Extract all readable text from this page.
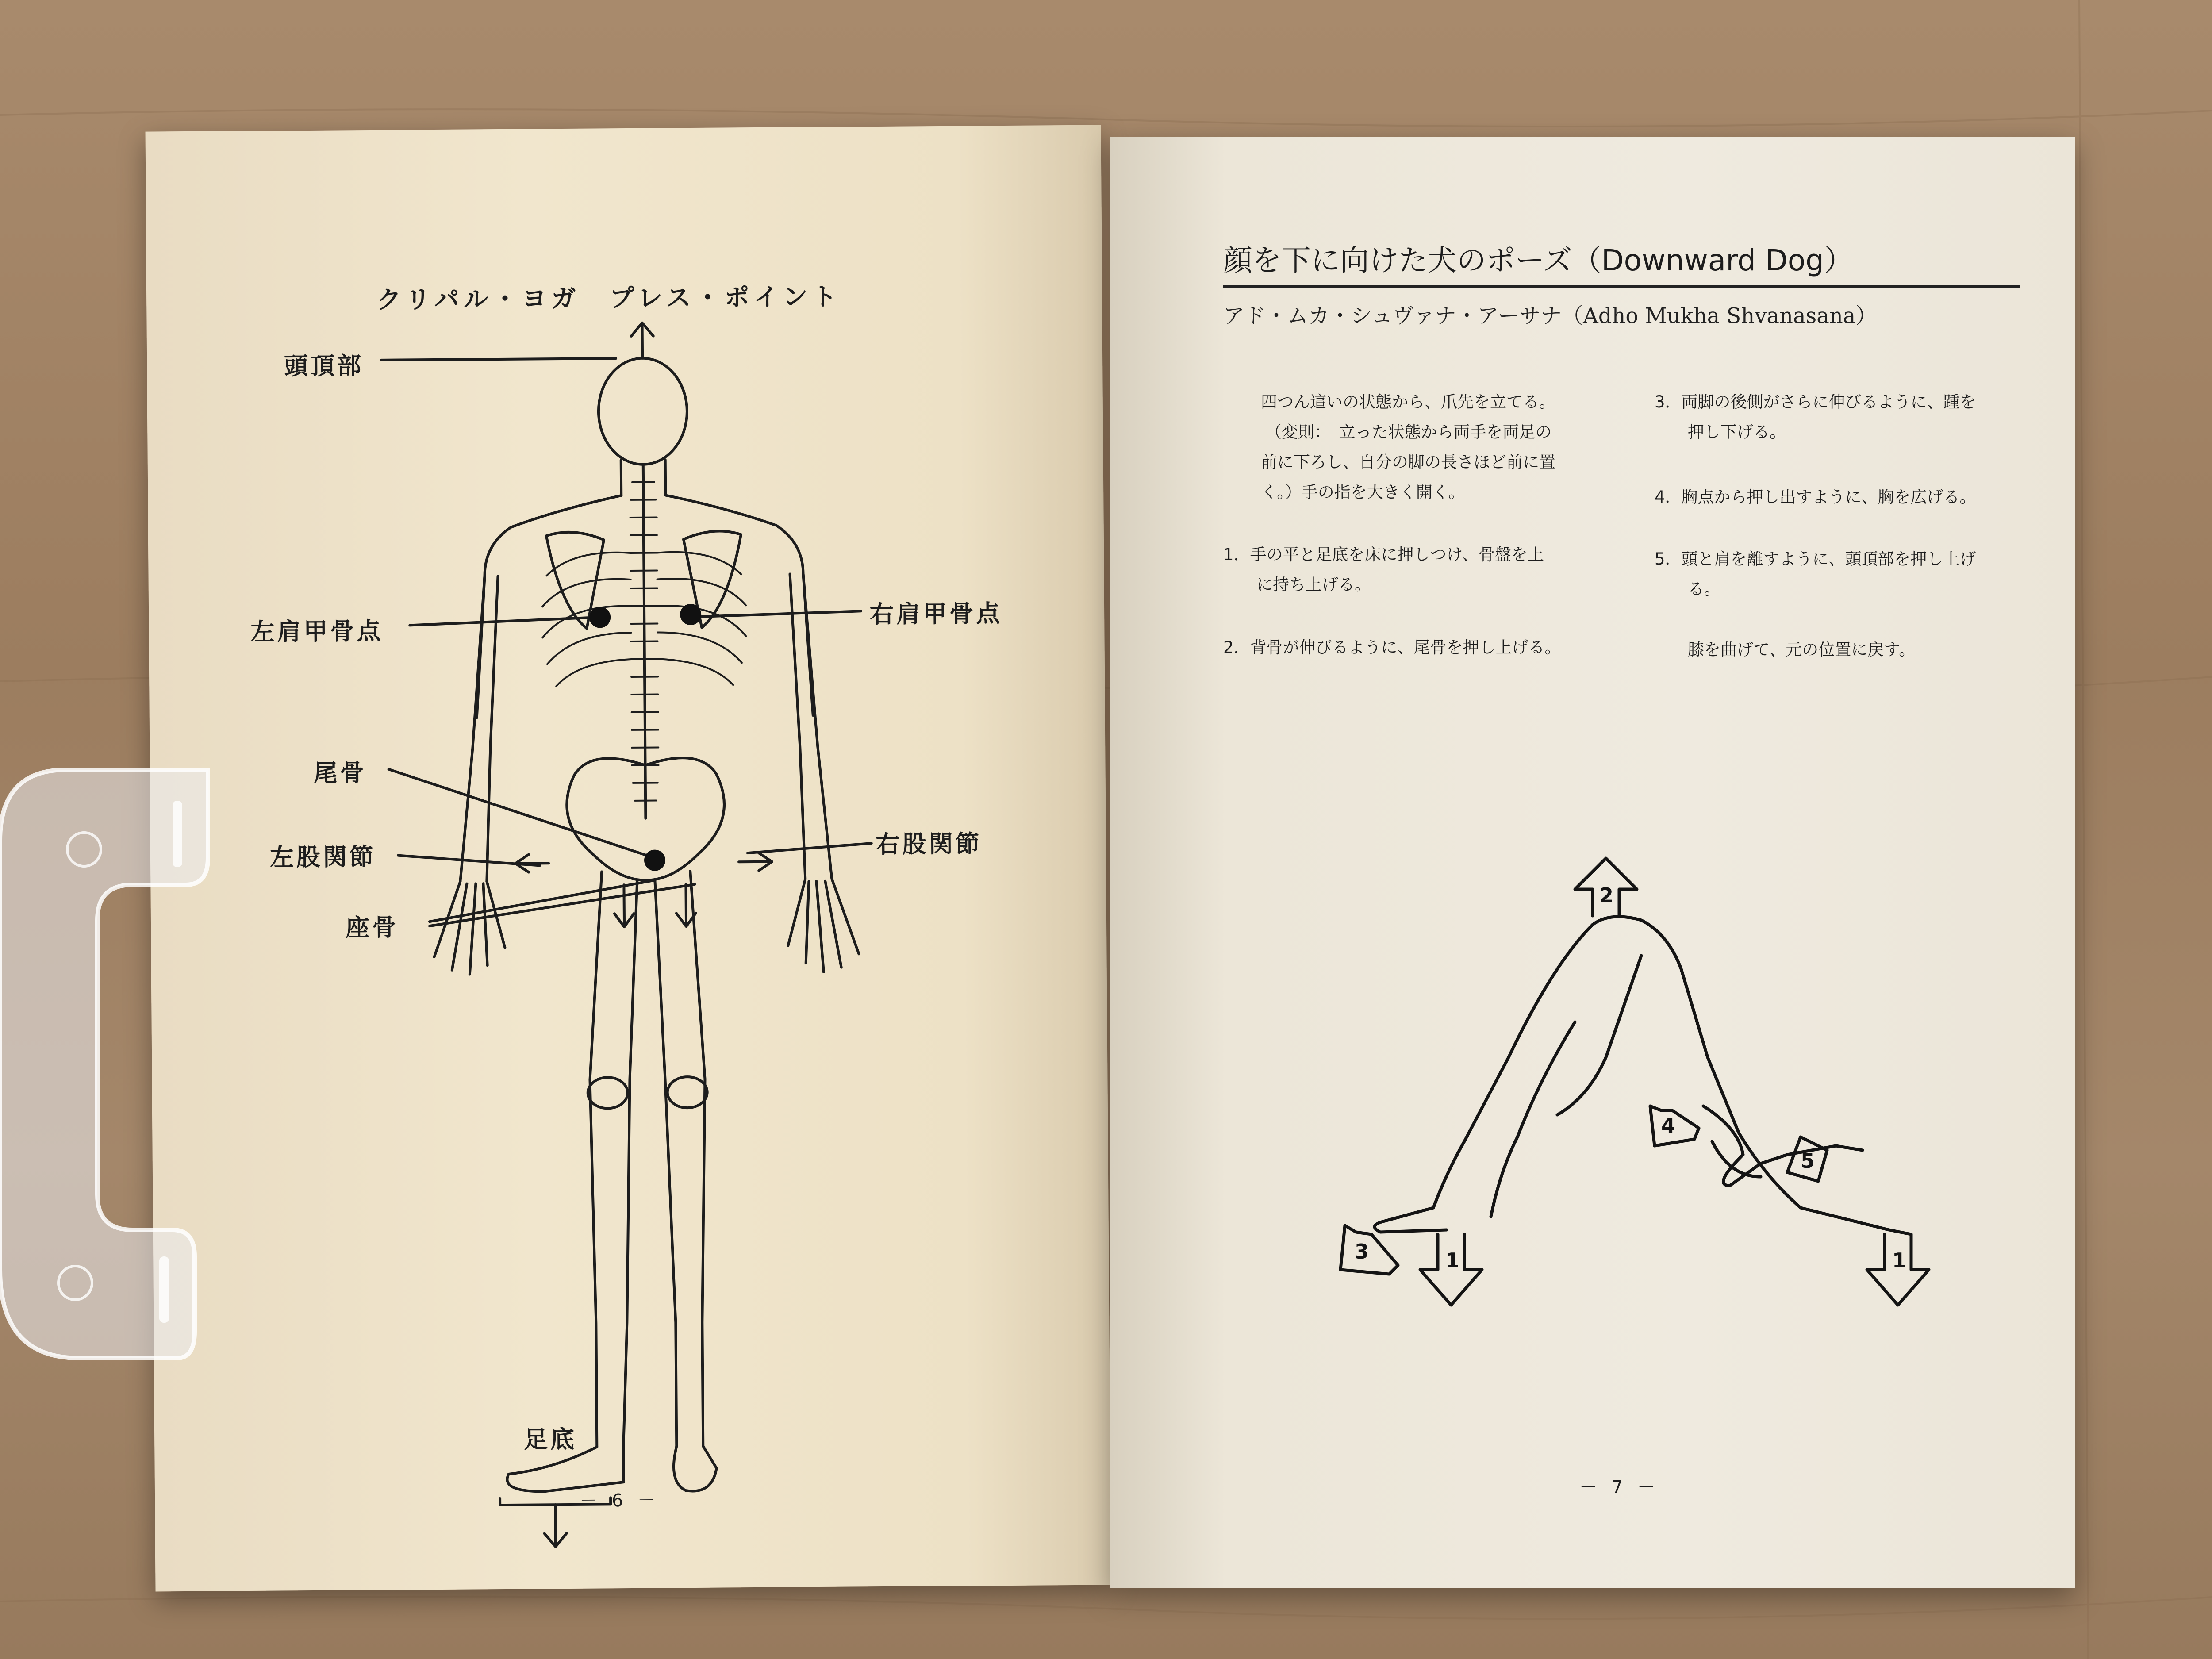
クリパル・ヨガ　プレス・ポイント
頭頂部
左肩甲骨点
右肩甲骨点
尾骨
左股関節	右股関節
座骨
足底
－ 6 －
顔を下に向けた犬のポーズ（Downward Dog）
アド・ムカ・シュヴァナ・アーサナ（Adho Mukha Shvanasana）
四つん這いの状態から、爪先を立てる。
（変則：　立った状態から両手を両足の
前に下ろし、自分の脚の長さほど前に置
く。）手の指を大きく開く。
1．手の平と足底を床に押しつけ、骨盤を上
に持ち上げる。
2．背骨が伸びるように、尾骨を押し上げる。
3．両脚の後側がさらに伸びるように、踵を
押し下げる。
4．胸点から押し出すように、胸を広げる。
5．頭と肩を離すように、頭頂部を押し上げ
る。
膝を曲げて、元の位置に戻す。
2
1
3	1
4
5
－ 7 －
